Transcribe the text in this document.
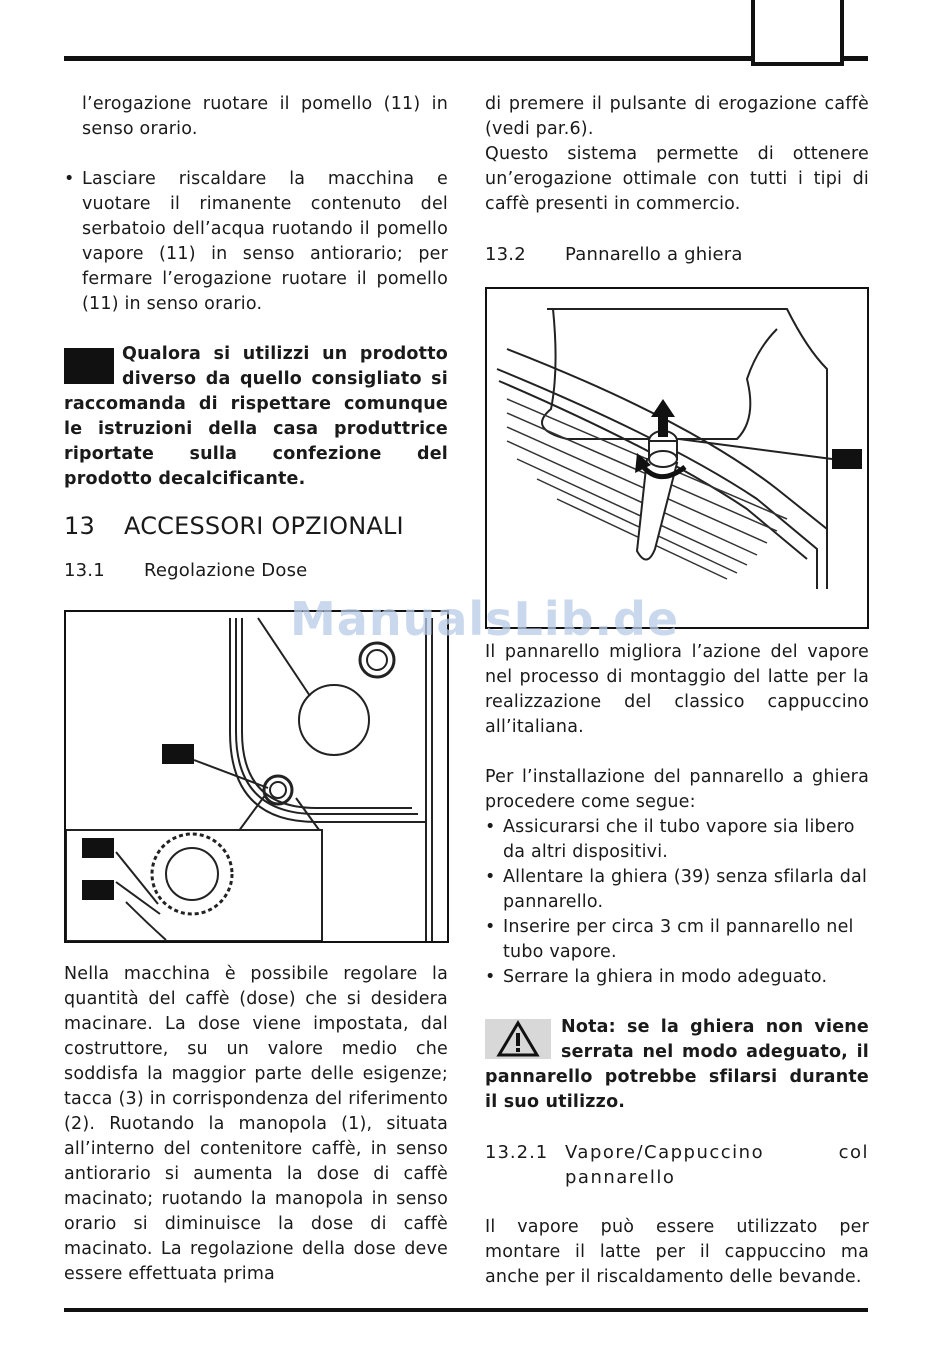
l’erogazione ruotare il pomello (11) in senso orario.

• Lasciare riscaldare la macchina e vuotare il rimanente contenuto del serbatoio dell’acqua ruotando il pomello vapore (11) in senso antiorario; per fermare l’erogazione ruotare il pomello (11) in senso orario.

Qualora si utilizzi un prodotto diverso da quello consigliato si raccomanda di rispettare comunque le istruzioni della casa produttrice riportate sulla confezione del prodotto decalcificante.

13	ACCESSORI OPZIONALI
13.1	Regolazione Dose
Nella macchina è possibile regolare la quantità del caffè (dose) che si desidera macinare. La dose viene impostata, dal costruttore, su un valore medio che soddisfa la maggior parte delle esigenze; tacca (3) in corrispondenza del riferimento (2). Ruotando la manopola (1), situata all’interno del contenitore caffè, in senso antiorario si aumenta la dose di caffè macinato; ruotando la manopola in senso orario si diminuisce la dose di caffè macinato. La regolazione della dose deve essere effettuata prima

di premere il pulsante di erogazione caffè (vedi par.6).

Questo sistema permette di ottenere un’erogazione ottimale con tutti i tipi di caffè presenti in commercio.

13.2	Pannarello a ghiera

Il pannarello migliora l’azione del vapore nel processo di montaggio del latte per la realizzazione del classico cappuccino all’italiana.

Per l’installazione del pannarello a ghiera procedere come segue:

• Assicurarsi che il tubo vapore sia libero da altri dispositivi.

• Allentare la ghiera (39) senza sfilarla dal pannarello.

• Inserire per circa 3 cm il pannarello nel tubo vapore.

• Serrare la ghiera in modo adeguato.

Nota: se la ghiera non viene serrata nel modo adeguato, il pannarello potrebbe sfilarsi durante il suo utilizzo.

13.2.1 Vapore/Cappuccino col pannarello

Il vapore può essere utilizzato per montare il latte per il cappuccino ma anche per il riscaldamento delle bevande.

ManualsLib.de
